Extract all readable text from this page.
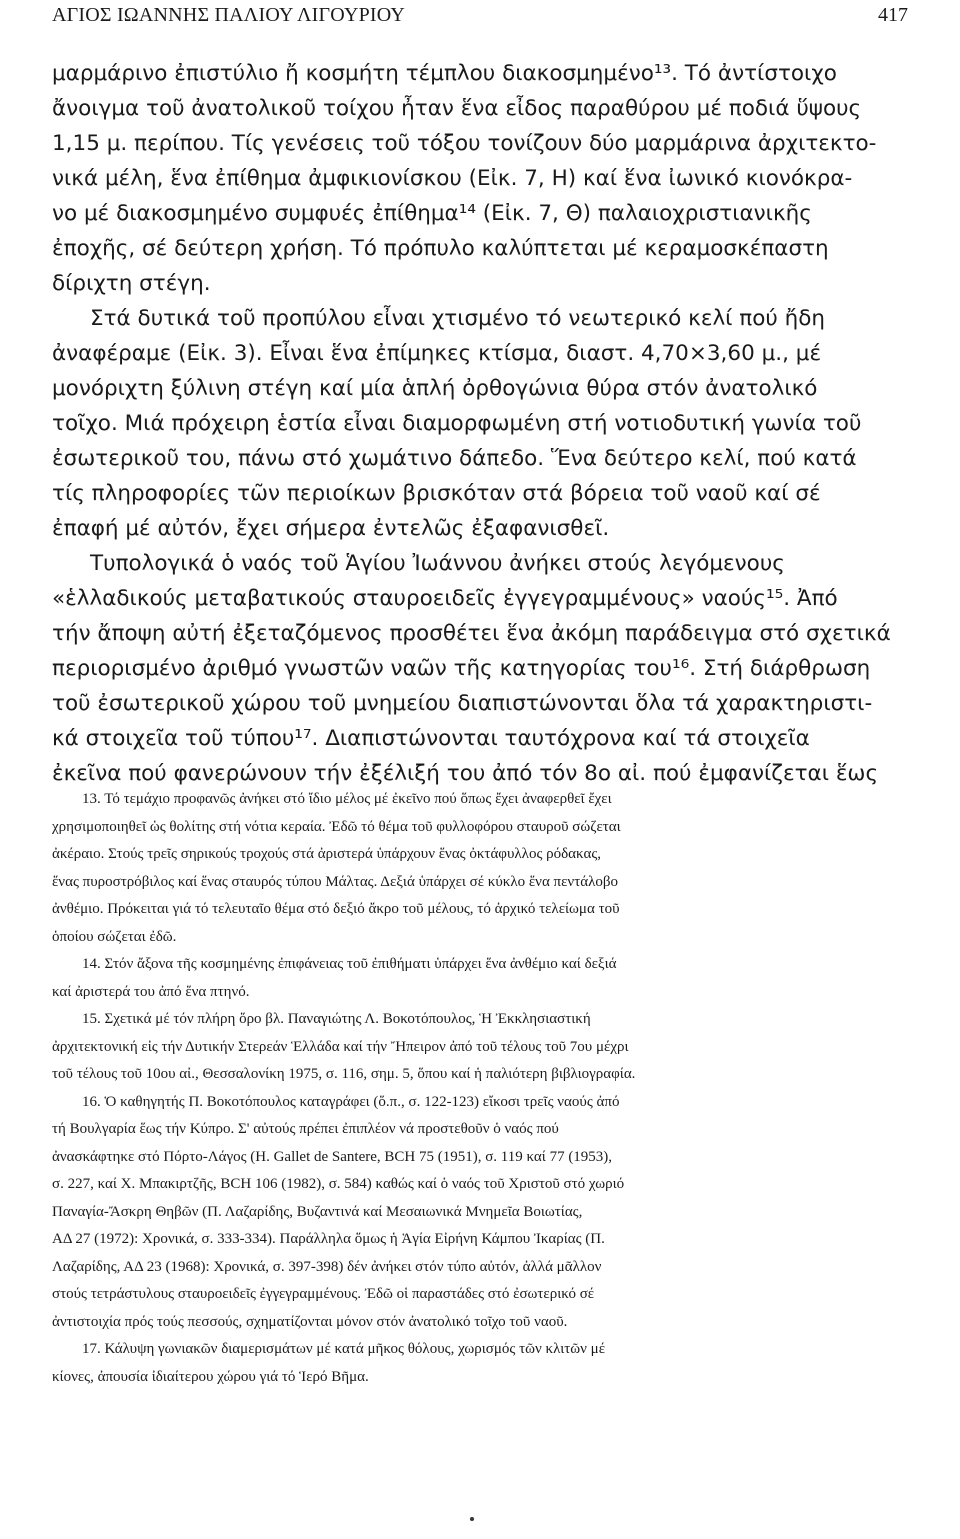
ΑΓΙΟΣ ΙΩΑΝΝΗΣ ΠΑΛΙΟΥ ΛΙΓΟΥΡΙΟΥ	417
μαρμάρινο ἐπιστύλιο ἤ κοσμήτη τέμπλου διακοσμημένο¹³. Τό ἀντίστοιχο
ἄνοιγμα τοῦ ἀνατολικοῦ τοίχου ἦταν ἕνα εἶδος παραθύρου μέ ποδιά ὕψους
1,15 μ. περίπου. Τίς γενέσεις τοῦ τόξου τονίζουν δύο μαρμάρινα ἀρχιτεκτο-
νικά μέλη, ἕνα ἐπίθημα ἀμφικιονίσκου (Εἰκ. 7, Η) καί ἕνα ἰωνικό κιονόκρα-
νο μέ διακοσμημένο συμφυές ἐπίθημα¹⁴ (Εἰκ. 7, Θ) παλαιοχριστιανικῆς
ἐποχῆς, σέ δεύτερη χρήση. Τό πρόπυλο καλύπτεται μέ κεραμοσκέπαστη
δίριχτη στέγη.
Στά δυτικά τοῦ προπύλου εἶναι χτισμένο τό νεωτερικό κελί πού ἤδη
ἀναφέραμε (Εἰκ. 3). Εἶναι ἕνα ἐπίμηκες κτίσμα, διαστ. 4,70×3,60 μ., μέ
μονόριχτη ξύλινη στέγη καί μία ἁπλή ὀρθογώνια θύρα στόν ἀνατολικό
τοῖχο. Μιά πρόχειρη ἑστία εἶναι διαμορφωμένη στή νοτιοδυτική γωνία τοῦ
ἐσωτερικοῦ του, πάνω στό χωμάτινο δάπεδο. Ἕνα δεύτερο κελί, πού κατά
τίς πληροφορίες τῶν περιοίκων βρισκόταν στά βόρεια τοῦ ναοῦ καί σέ
ἐπαφή μέ αὐτόν, ἔχει σήμερα ἐντελῶς ἐξαφανισθεῖ.
Τυπολογικά ὁ ναός τοῦ Ἁγίου Ἰωάννου ἀνήκει στούς λεγόμενους
«ἑλλαδικούς μεταβατικούς σταυροειδεῖς ἐγγεγραμμένους» ναούς¹⁵. Ἀπό
τήν ἄποψη αὐτή ἐξεταζόμενος προσθέτει ἕνα ἀκόμη παράδειγμα στό σχετικά
περιορισμένο ἀριθμό γνωστῶν ναῶν τῆς κατηγορίας του¹⁶. Στή διάρθρωση
τοῦ ἐσωτερικοῦ χώρου τοῦ μνημείου διαπιστώνονται ὅλα τά χαρακτηριστι-
κά στοιχεῖα τοῦ τύπου¹⁷. Διαπιστώνονται ταυτόχρονα καί τά στοιχεῖα
ἐκεῖνα πού φανερώνουν τήν ἐξέλιξή του ἀπό τόν 8ο αἰ. πού ἐμφανίζεται ἕως
13. Τό τεμάχιο προφανῶς ἀνήκει στό ἴδιο μέλος μέ ἐκεῖνο πού ὅπως ἔχει ἀναφερθεῖ ἔχει
χρησιμοποιηθεῖ ὡς θολίτης στή νότια κεραία. Ἐδῶ τό θέμα τοῦ φυλλοφόρου σταυροῦ σώζεται
ἀκέραιο. Στούς τρεῖς σηρικούς τροχούς στά ἀριστερά ὑπάρχουν ἕνας ὀκτάφυλλος ρόδακας,
ἕνας πυροστρόβιλος καί ἕνας σταυρός τύπου Μάλτας. Δεξιά ὑπάρχει σέ κύκλο ἕνα πεντάλοβο
ἀνθέμιο. Πρόκειται γιά τό τελευταῖο θέμα στό δεξιό ἄκρο τοῦ μέλους, τό ἀρχικό τελείωμα τοῦ
ὁποίου σώζεται ἐδῶ.
14. Στόν ἄξονα τῆς κοσμημένης ἐπιφάνειας τοῦ ἐπιθήματι ὑπάρχει ἕνα ἀνθέμιο καί δεξιά
καί ἀριστερά του ἀπό ἕνα πτηνό.
15. Σχετικά μέ τόν πλήρη ὅρο βλ. Παναγιώτης Λ. Βοκοτόπουλος, Ἡ Ἐκκλησιαστική
ἀρχιτεκτονική εἰς τήν Δυτικήν Στερεάν Ἑλλάδα καί τήν Ἤπειρον ἀπό τοῦ τέλους τοῦ 7ου μέχρι
τοῦ τέλους τοῦ 10ου αἰ., Θεσσαλονίκη 1975, σ. 116, σημ. 5, ὅπου καί ἡ παλιότερη βιβλιογραφία.
16. Ὁ καθηγητής Π. Βοκοτόπουλος καταγράφει (ὅ.π., σ. 122-123) εἴκοσι τρεῖς ναούς ἀπό
τή Βουλγαρία ἕως τήν Κύπρο. Σ' αὐτούς πρέπει ἐπιπλέον νά προστεθοῦν ὁ ναός πού
ἀνασκάφτηκε στό Πόρτο-Λάγος (Η. Gallet de Santere, BCH 75 (1951), σ. 119 καί 77 (1953),
σ. 227, καί Χ. Μπακιρτζῆς, BCH 106 (1982), σ. 584) καθώς καί ὁ ναός τοῦ Χριστοῦ στό χωριό
Παναγία-Ἄσκρη Θηβῶν (Π. Λαζαρίδης, Βυζαντινά καί Μεσαιωνικά Μνημεῖα Βοιωτίας,
ΑΔ 27 (1972): Χρονικά, σ. 333-334). Παράλληλα ὅμως ἡ Ἁγία Εἰρήνη Κάμπου Ἰκαρίας (Π.
Λαζαρίδης, ΑΔ 23 (1968): Χρονικά, σ. 397-398) δέν ἀνήκει στόν τύπο αὐτόν, ἀλλά μᾶλλον
στούς τετράστυλους σταυροειδεῖς ἐγγεγραμμένους. Ἐδῶ οἱ παραστάδες στό ἐσωτερικό σέ
ἀντιστοιχία πρός τούς πεσσούς, σχηματίζονται μόνον στόν ἀνατολικό τοῖχο τοῦ ναοῦ.
17. Κάλυψη γωνιακῶν διαμερισμάτων μέ κατά μῆκος θόλους, χωρισμός τῶν κλιτῶν μέ
κίονες, ἀπουσία ἰδιαίτερου χώρου γιά τό Ἱερό Βῆμα.
